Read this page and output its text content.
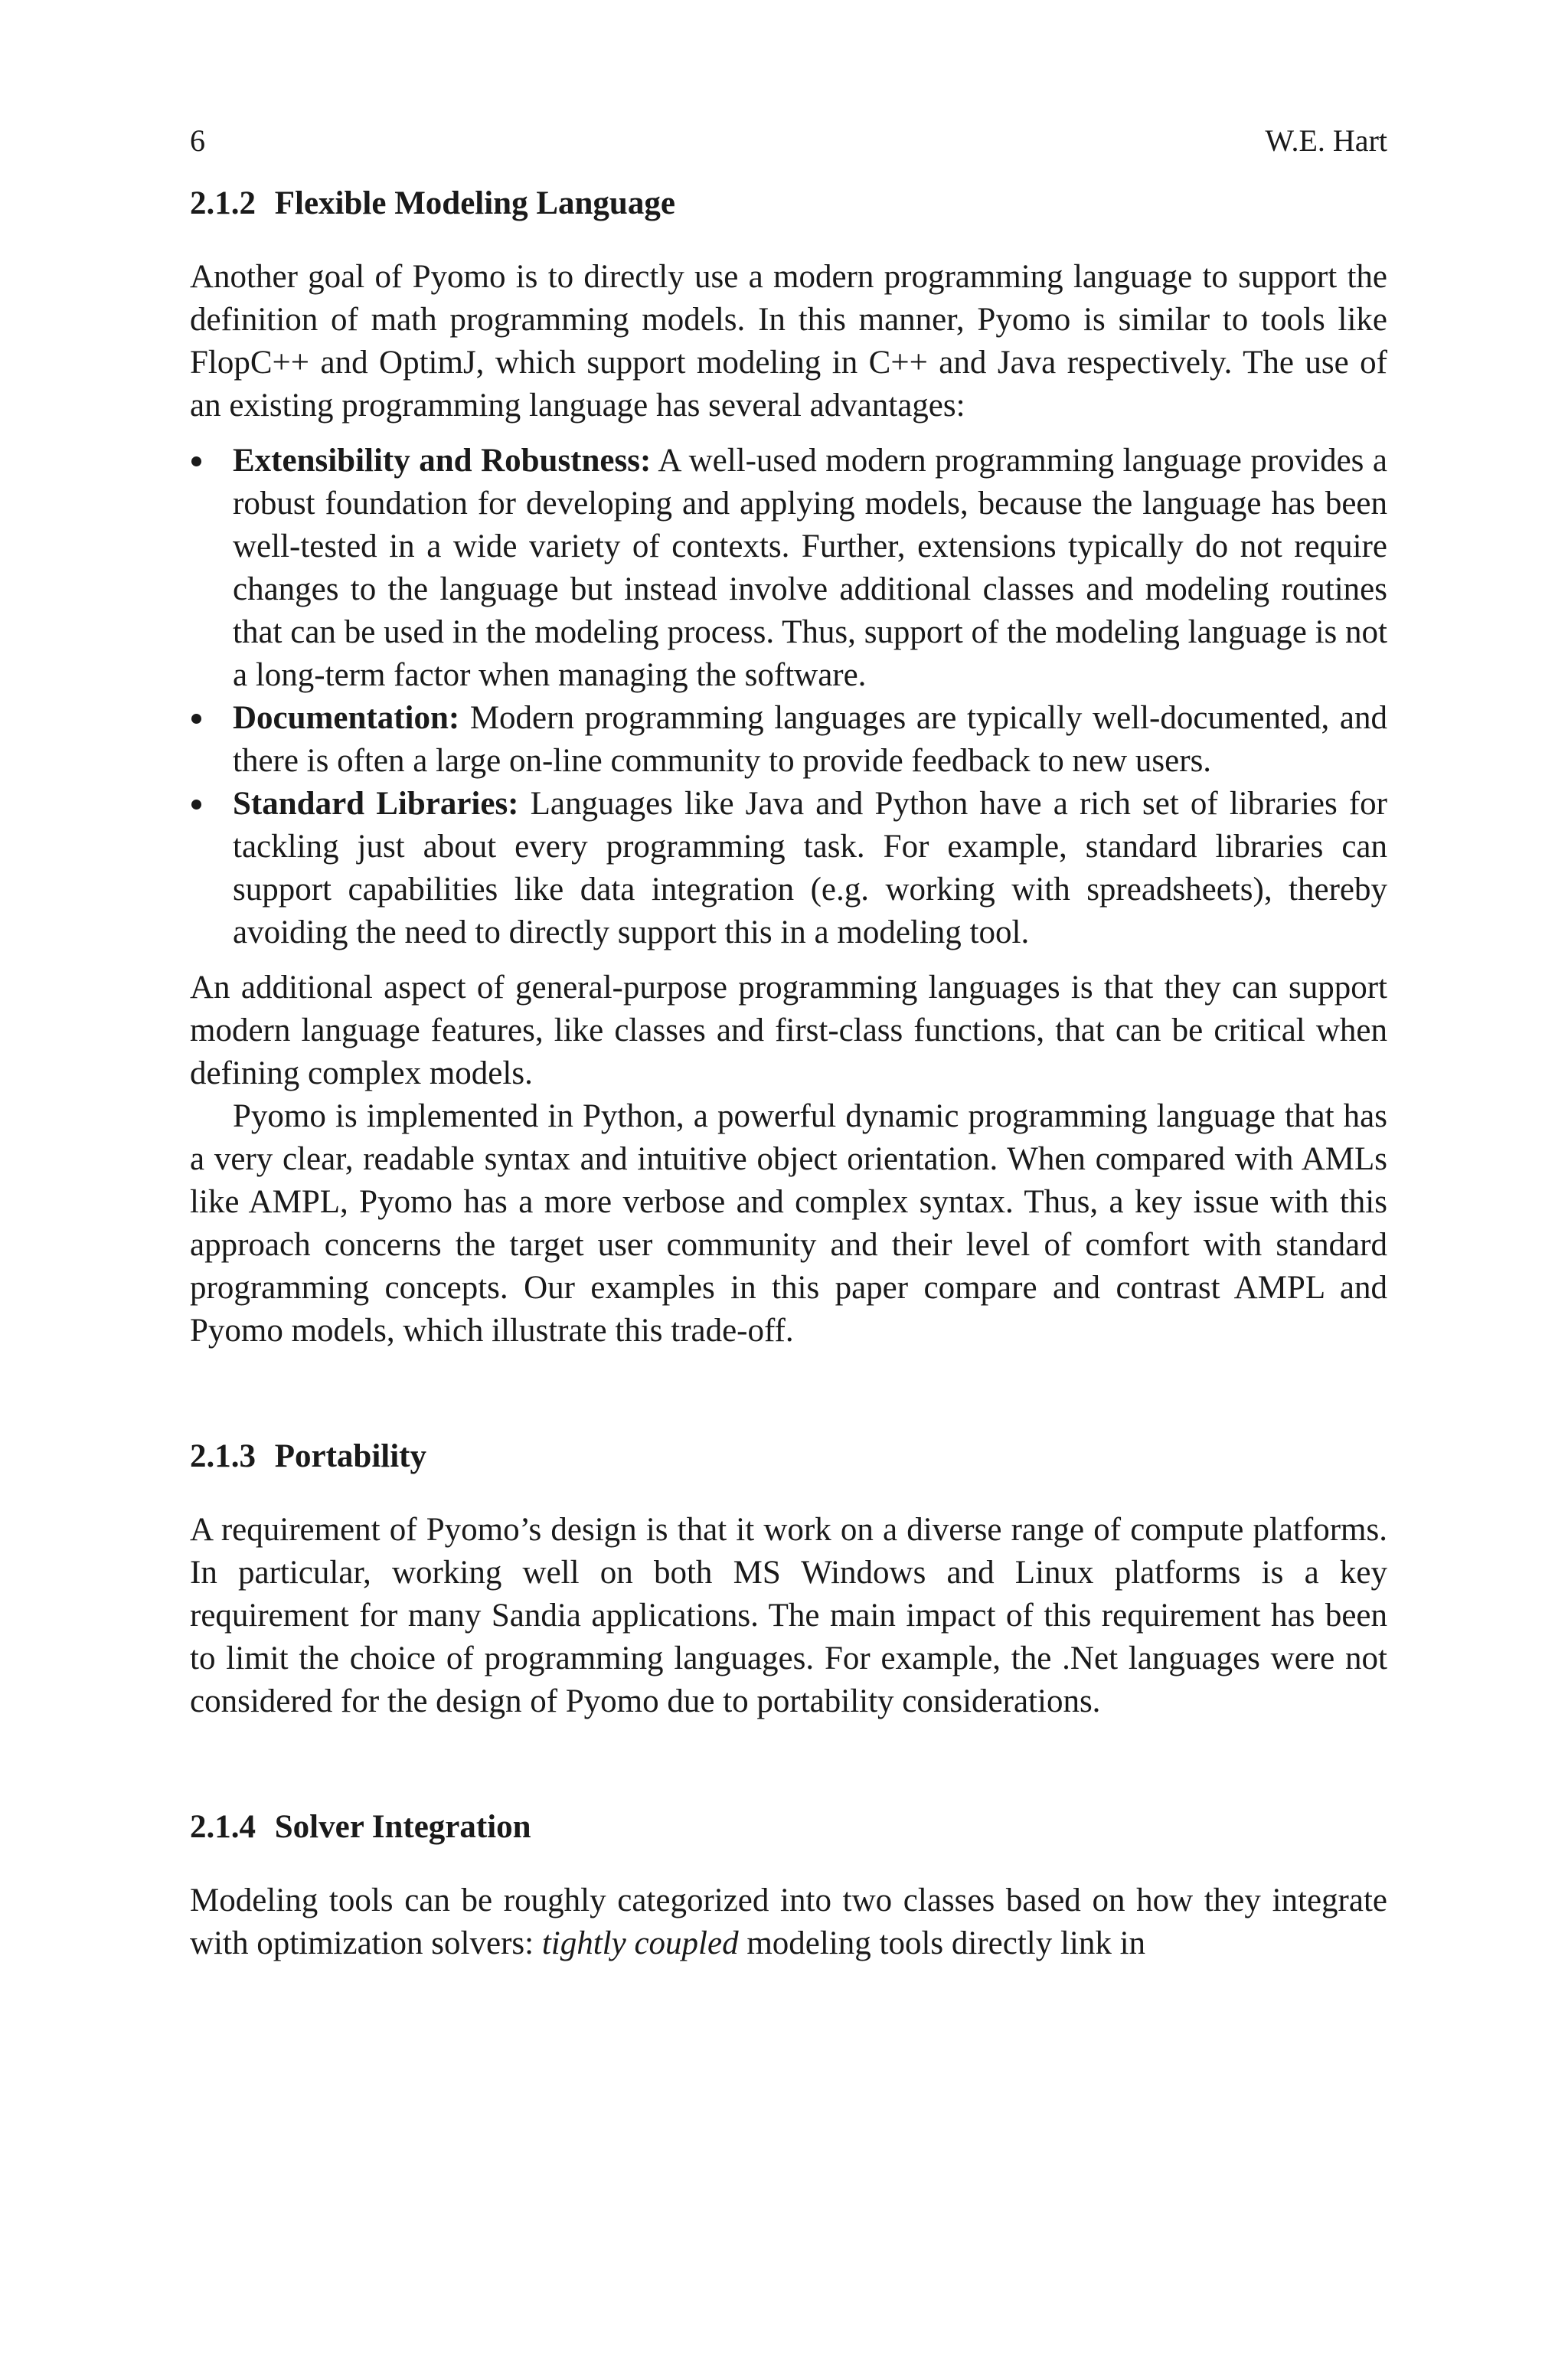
6	W.E. Hart
2.1.2 Flexible Modeling Language

Another goal of Pyomo is to directly use a modern programming language to support the definition of math programming models. In this manner, Pyomo is similar to tools like FlopC++ and OptimJ, which support modeling in C++ and Java respectively. The use of an existing programming language has several advantages:

Extensibility and Robustness: A well-used modern programming language provides a robust foundation for developing and applying models, because the language has been well-tested in a wide variety of contexts. Further, extensions typically do not require changes to the language but instead involve additional classes and modeling routines that can be used in the modeling process. Thus, support of the modeling language is not a long-term factor when managing the software.
Documentation: Modern programming languages are typically well-documented, and there is often a large on-line community to provide feedback to new users.
Standard Libraries: Languages like Java and Python have a rich set of libraries for tackling just about every programming task. For example, standard libraries can support capabilities like data integration (e.g. working with spreadsheets), thereby avoiding the need to directly support this in a modeling tool.

An additional aspect of general-purpose programming languages is that they can support modern language features, like classes and first-class functions, that can be critical when defining complex models.

Pyomo is implemented in Python, a powerful dynamic programming language that has a very clear, readable syntax and intuitive object orientation. When compared with AMLs like AMPL, Pyomo has a more verbose and complex syntax. Thus, a key issue with this approach concerns the target user community and their level of comfort with standard programming concepts. Our examples in this paper compare and contrast AMPL and Pyomo models, which illustrate this trade-off.

2.1.3 Portability

A requirement of Pyomo’s design is that it work on a diverse range of compute platforms. In particular, working well on both MS Windows and Linux platforms is a key requirement for many Sandia applications. The main impact of this requirement has been to limit the choice of programming languages. For example, the .Net languages were not considered for the design of Pyomo due to portability considerations.

2.1.4 Solver Integration

Modeling tools can be roughly categorized into two classes based on how they integrate with optimization solvers: tightly coupled modeling tools directly link in
